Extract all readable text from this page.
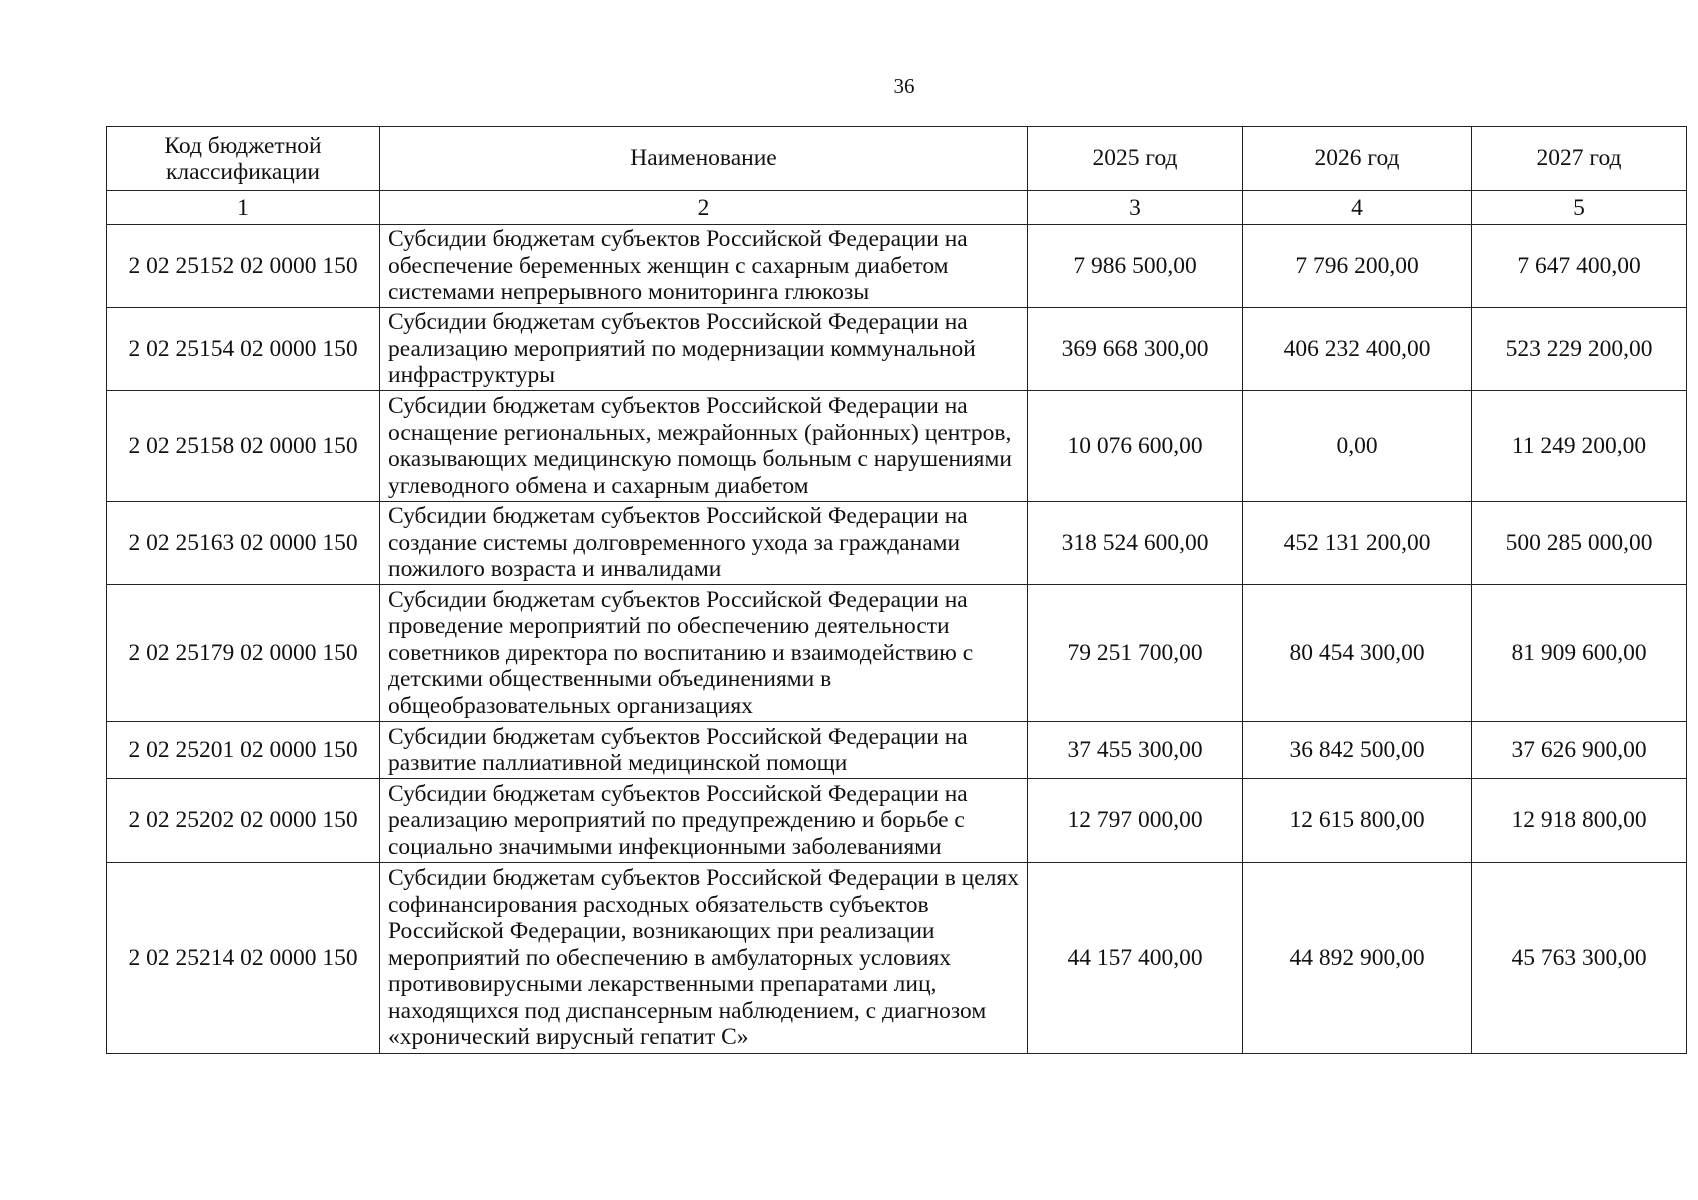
36
Код бюджетной классификации	Наименование	2025 год	2026 год	2027 год
1	2	3	4	5
2 02 25152 02 0000 150	Субсидии бюджетам субъектов Российской Федерации на обеспечение беременных женщин с сахарным диабетом системами непрерывного мониторинга глюкозы	7 986 500,00	7 796 200,00	7 647 400,00
2 02 25154 02 0000 150	Субсидии бюджетам субъектов Российской Федерации на реализацию мероприятий по модернизации коммунальной инфраструктуры	369 668 300,00	406 232 400,00	523 229 200,00
2 02 25158 02 0000 150	Субсидии бюджетам субъектов Российской Федерации на оснащение региональных, межрайонных (районных) центров, оказывающих медицинскую помощь больным с нарушениями углеводного обмена и сахарным диабетом	10 076 600,00	0,00	11 249 200,00
2 02 25163 02 0000 150	Субсидии бюджетам субъектов Российской Федерации на создание системы долговременного ухода за гражданами пожилого возраста и инвалидами	318 524 600,00	452 131 200,00	500 285 000,00
2 02 25179 02 0000 150	Субсидии бюджетам субъектов Российской Федерации на проведение мероприятий по обеспечению деятельности советников директора по воспитанию и взаимодействию с детскими общественными объединениями в общеобразовательных организациях	79 251 700,00	80 454 300,00	81 909 600,00
2 02 25201 02 0000 150	Субсидии бюджетам субъектов Российской Федерации на развитие паллиативной медицинской помощи	37 455 300,00	36 842 500,00	37 626 900,00
2 02 25202 02 0000 150	Субсидии бюджетам субъектов Российской Федерации на реализацию мероприятий по предупреждению и борьбе с социально значимыми инфекционными заболеваниями	12 797 000,00	12 615 800,00	12 918 800,00
2 02 25214 02 0000 150	Субсидии бюджетам субъектов Российской Федерации в целях софинансирования расходных обязательств субъектов Российской Федерации, возникающих при реализации мероприятий по обеспечению в амбулаторных условиях противовирусными лекарственными препаратами лиц, находящихся под диспансерным наблюдением, с диагнозом «хронический вирусный гепатит С»	44 157 400,00	44 892 900,00	45 763 300,00
